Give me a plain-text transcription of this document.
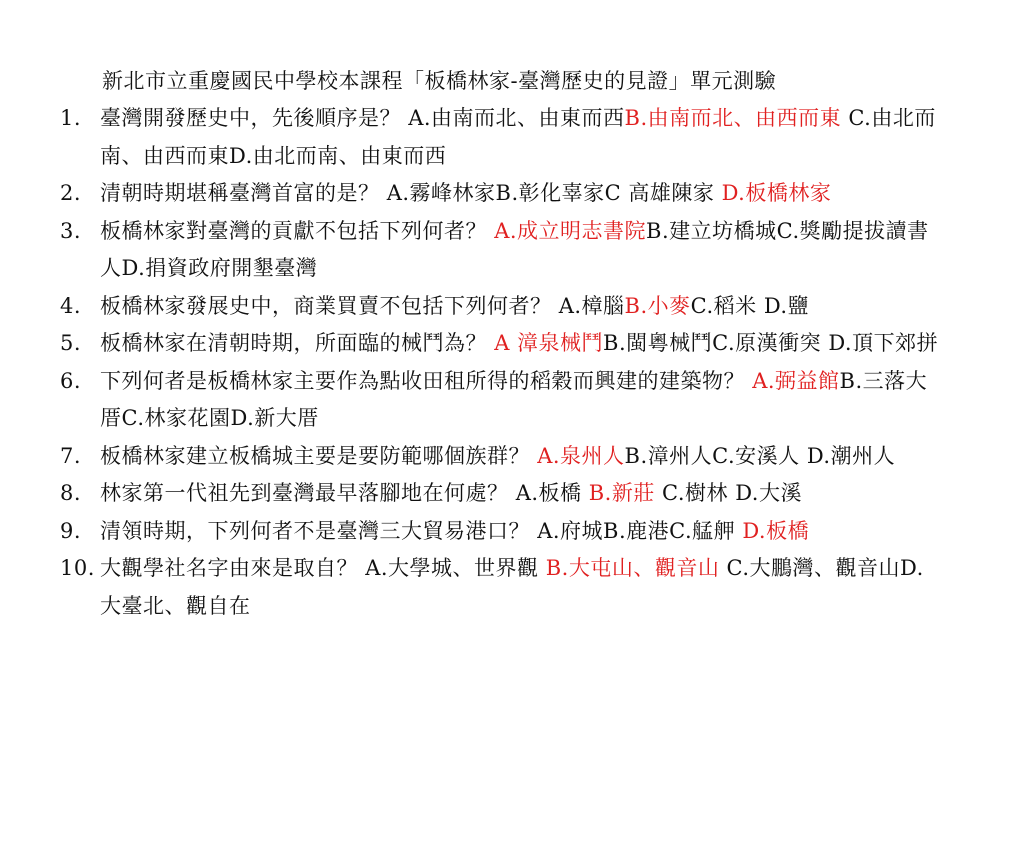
新北市立重慶國民中學校本課程「板橋林家-臺灣歷史的見證」單元測驗
1. 臺灣開發歷史中，先後順序是？ A.由南而北、由東而西B.由南而北、由西而東 C.由北而南、由西而東D.由北而南、由東而西
2. 清朝時期堪稱臺灣首富的是？ A.霧峰林家B.彰化辜家C 高雄陳家 D.板橋林家
3. 板橋林家對臺灣的貢獻不包括下列何者？ A.成立明志書院B.建立坊橋城C.獎勵提拔讀書人D.捐資政府開墾臺灣
4. 板橋林家發展史中，商業買賣不包括下列何者？ A.樟腦B.小麥C.稻米 D.鹽
5. 板橋林家在清朝時期，所面臨的械鬥為？ A 漳泉械鬥B.閩粵械鬥C.原漢衝突 D.頂下郊拼
6. 下列何者是板橋林家主要作為點收田租所得的稻穀而興建的建築物？ A.弼益館B.三落大厝C.林家花園D.新大厝
7. 板橋林家建立板橋城主要是要防範哪個族群？ A.泉州人B.漳州人C.安溪人 D.潮州人
8. 林家第一代祖先到臺灣最早落腳地在何處？ A.板橋 B.新莊 C.樹林 D.大溪
9. 清領時期，下列何者不是臺灣三大貿易港口？ A.府城B.鹿港C.艋舺 D.板橋
10. 大觀學社名字由來是取自？ A.大學城、世界觀 B.大屯山、觀音山 C.大鵬灣、觀音山D.大臺北、觀自在
